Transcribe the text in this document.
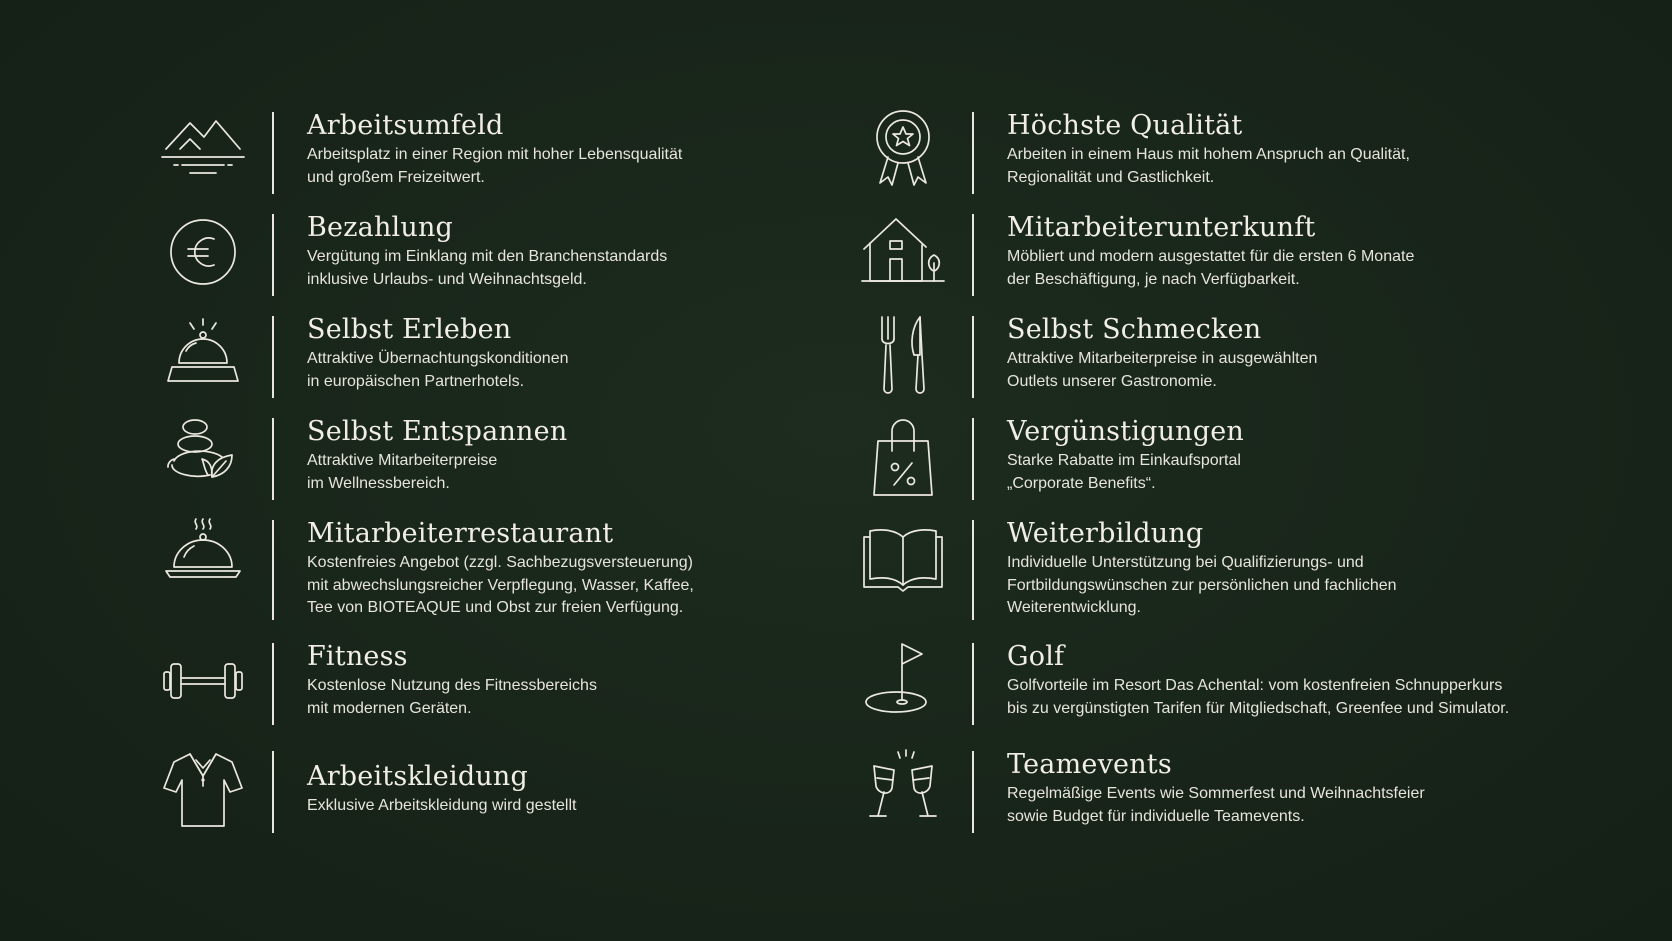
Arbeitsumfeld
Arbeitsplatz in einer Region mit hoher Lebensqualität
und großem Freizeitwert.
Bezahlung
Vergütung im Einklang mit den Branchenstandards
inklusive Urlaubs- und Weihnachtsgeld.
Selbst Erleben
Attraktive Übernachtungskonditionen
in europäischen Partnerhotels.
Selbst Entspannen
Attraktive Mitarbeiterpreise
im Wellnessbereich.
Mitarbeiterrestaurant
Kostenfreies Angebot (zzgl. Sachbezugsversteuerung)
mit abwechslungsreicher Verpflegung, Wasser, Kaffee,
Tee von BIOTEAQUE und Obst zur freien Verfügung.
Fitness
Kostenlose Nutzung des Fitnessbereichs
mit modernen Geräten.
Arbeitskleidung
Exklusive Arbeitskleidung wird gestellt
Höchste Qualität
Arbeiten in einem Haus mit hohem Anspruch an Qualität,
Regionalität und Gastlichkeit.
Mitarbeiterunterkunft
Möbliert und modern ausgestattet für die ersten 6 Monate
der Beschäftigung, je nach Verfügbarkeit.
Selbst Schmecken
Attraktive Mitarbeiterpreise in ausgewählten
Outlets unserer Gastronomie.
Vergünstigungen
Starke Rabatte im Einkaufsportal
„Corporate Benefits“.
Weiterbildung
Individuelle Unterstützung bei Qualifizierungs- und
Fortbildungswünschen zur persönlichen und fachlichen
Weiterentwicklung.
Golf
Golfvorteile im Resort Das Achental: vom kostenfreien Schnupperkurs
bis zu vergünstigten Tarifen für Mitgliedschaft, Greenfee und Simulator.
Teamevents
Regelmäßige Events wie Sommerfest und Weihnachtsfeier
sowie Budget für individuelle Teamevents.
